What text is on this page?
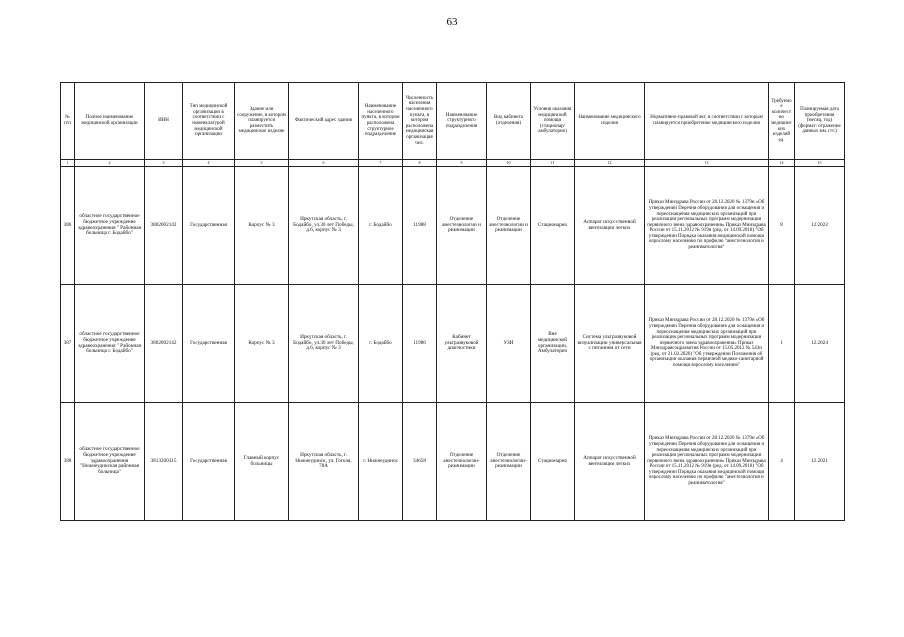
63
№ п/п	Полное наименование медицинской организации	ИНН	Тип медицинской организации в соответствии с номенклатурой медицинской организации	Здание или сооружение, в котором планируется разместить медицинское изделие	Фактический адрес здания	Наименование населенного пункта, в котором расположена структурное подразделение	Численность населения населенного пункта, в котором расположена медицинская организация чел.	Наименование структурного подразделения	Вид кабинета (отделения)	Условия оказания медицинской помощи (стационар/амбулаторно)	Наименование медицинского изделия	Нормативно-правовой акт, в соответствии с которым планируется приобретение медицинского изделия	Требуемое количество медицинских изделий ед.	Планируемая дата приобретения (месяц, год) (формат: отражение данных мм. ггг.)
1	2	3	4	5	6	7	8	9	10	11	12	13	14	15
386	областное государственное бюджетное учреждение здравоохранения " Районная больница г. Бодайбо"	3802002142	Государственная	Корпус № 3	Иркутская область, г. Бодайбо, ул.30 лет Победы, д.6, корпус № 3	г. Бодайбо	11988	Отделение анестезиологии и реанимации	Отделение анестезиологии и реанимации	Стационарно	Аппарат искусственной вентиляции легких	Приказ Минздрава России от 28.12.2020 № 1379н «Об утверждении Перечня оборудования для оснащения и переоснащения медицинских организаций при реализации региональных программ модернизации первичного звена здравоохранения» Приказ Минздрава России от 15.11.2012 № 919н (ред. от 14.09.2018) "Об утверждении Порядка оказания медицинской помощи взрослому населению по профилю "анестезиология и реаниматология"	8	12.2022
387	областное государственное бюджетное учреждение здравоохранения " Районная больница г. Бодайбо"	3802002142	Государственная	Корпус № 3	Иркутская область, г. Бодайбо, ул.30 лет Победы, д.6, корпус № 3	г. Бодайбо	11986	Кабинет ультразвуковой диагностики	УЗИ	Вне медицинской организации, Амбулаторно	Система ультразвуковой визуализации универсальная с питанием от сети	Приказ Минздрава России от 28.12.2020 № 1379н «Об утверждении Перечня оборудования для оснащения и переоснащения медицинских организаций при реализации региональных программ модернизации первичного звена здравоохранения» Приказ Минздравсоцразвития России от 15.05.2012 № 543н (ред. от 21.02.2020) "Об утверждении Положения об организации оказания первичной медико-санитарной помощи взрослому населению"	1	12.2024
388	областное государственное бюджетное учреждение здравоохранения "Нижнеудинская районная больница"	3813200315	Государственная	Главный корпус больницы	Иркутская область, г. Нижнеудинск, ул. Гоголя, 78А	г. Нижнеудинск	34658	Отделение анестезиологии-реанимации	Отделение анестезиологии-реанимации	Стационарно	Аппарат искусственной вентиляции легких	Приказ Минздрава России от 28.12.2020 № 1379н «Об утверждении Перечня оборудования для оснащения и переоснащения медицинских организаций при реализации региональных программ модернизации первичного звена здравоохранения» Приказ Минздрава России от 15.11.2012 № 919н (ред. от 14.09.2018) "Об утверждении Порядка оказания медицинской помощи взрослому населению по профилю "анестезиология и реаниматология"	4	12.2021
